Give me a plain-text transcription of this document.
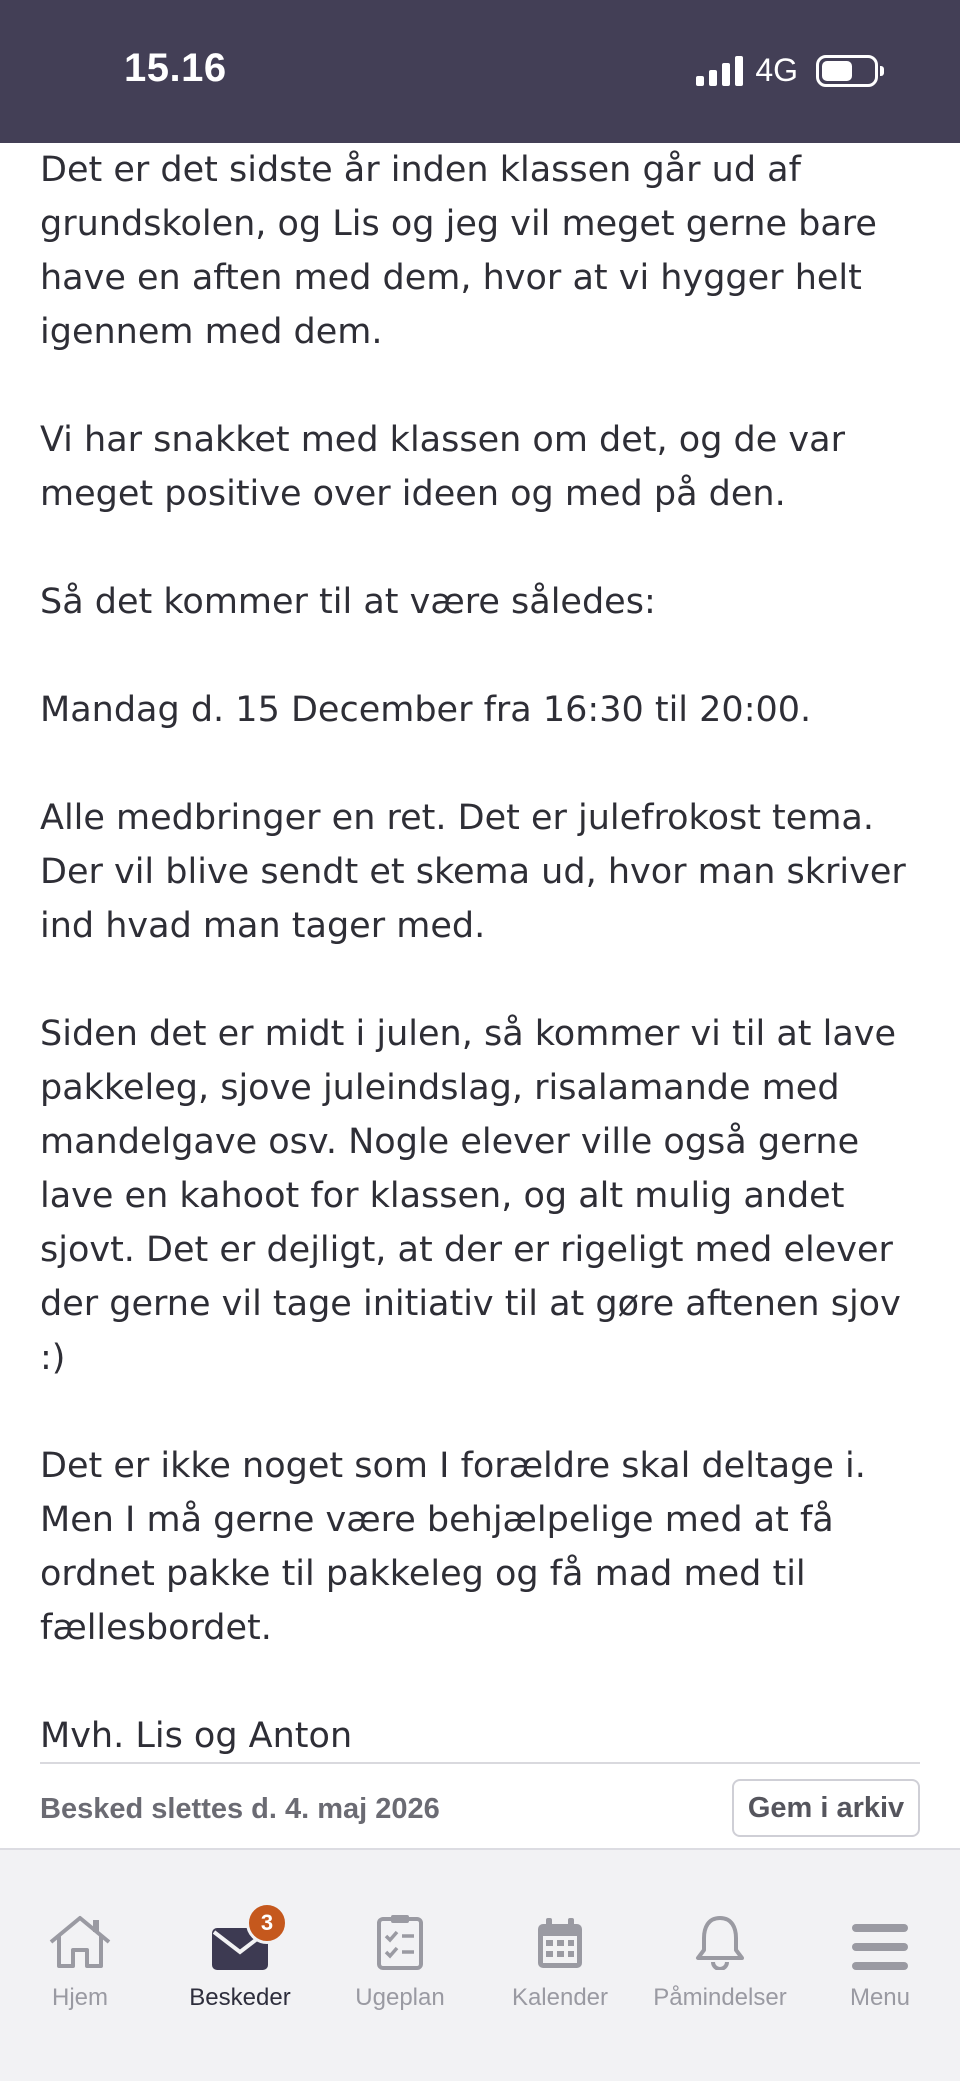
15.16	4G

Det er det sidste år inden klassen går ud af grundskolen, og Lis og jeg vil meget gerne bare have en aften med dem, hvor at vi hygger helt igennem med dem.

Vi har snakket med klassen om det, og de var meget positive over ideen og med på den.

Så det kommer til at være således:

Mandag d. 15 December fra 16:30 til 20:00.

Alle medbringer en ret. Det er julefrokost tema. Der vil blive sendt et skema ud, hvor man skriver ind hvad man tager med.

Siden det er midt i julen, så kommer vi til at lave pakkeleg, sjove juleindslag, risalamande med mandelgave osv. Nogle elever ville også gerne lave en kahoot for klassen, og alt mulig andet sjovt. Det er dejligt, at der er rigeligt med elever der gerne vil tage initiativ til at gøre aftenen sjov :)

Det er ikke noget som I forældre skal deltage i. Men I må gerne være behjælpelige med at få ordnet pakke til pakkeleg og få mad med til fællesbordet.

Mvh. Lis og Anton

Besked slettes d. 4. maj 2026	Gem i arkiv
Hjem
3
Beskeder	Ugeplan	Kalender	Påmindelser	Menu
